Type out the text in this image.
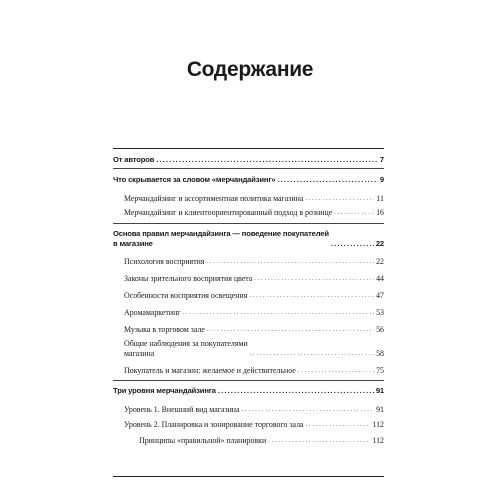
Содержание
От авторов . . .	7
Что скрывается за словом «мерчандайзинг» . . .	9
Мерчандайзинг и ассортиментная политика магазина . . .	11
Мерчандайзинг и клиентоориентированный подход в рознице . . .	16
Основа правил мерчандайзинга — поведение покупателей
в магазине . . .	22
Психология восприятия . . .	22
Законы зрительного восприятия цвета . . .	44
Особенности восприятия освещения . . .	47
Аромамаркетинг . . .	53
Музыка в торговом зале . . .	56
Общие наблюдения за покупателями
магазина . . .	58
Покупатель и магазин: желаемое и действительное . . .	75
Три уровня мерчандайзинга . . .	91
Уровень 1. Внешний вид магазина . . .	91
Уровень 2. Планировка и зонирование торгового зала . . .	112
Принципы «правильной» планировки . . .	112
